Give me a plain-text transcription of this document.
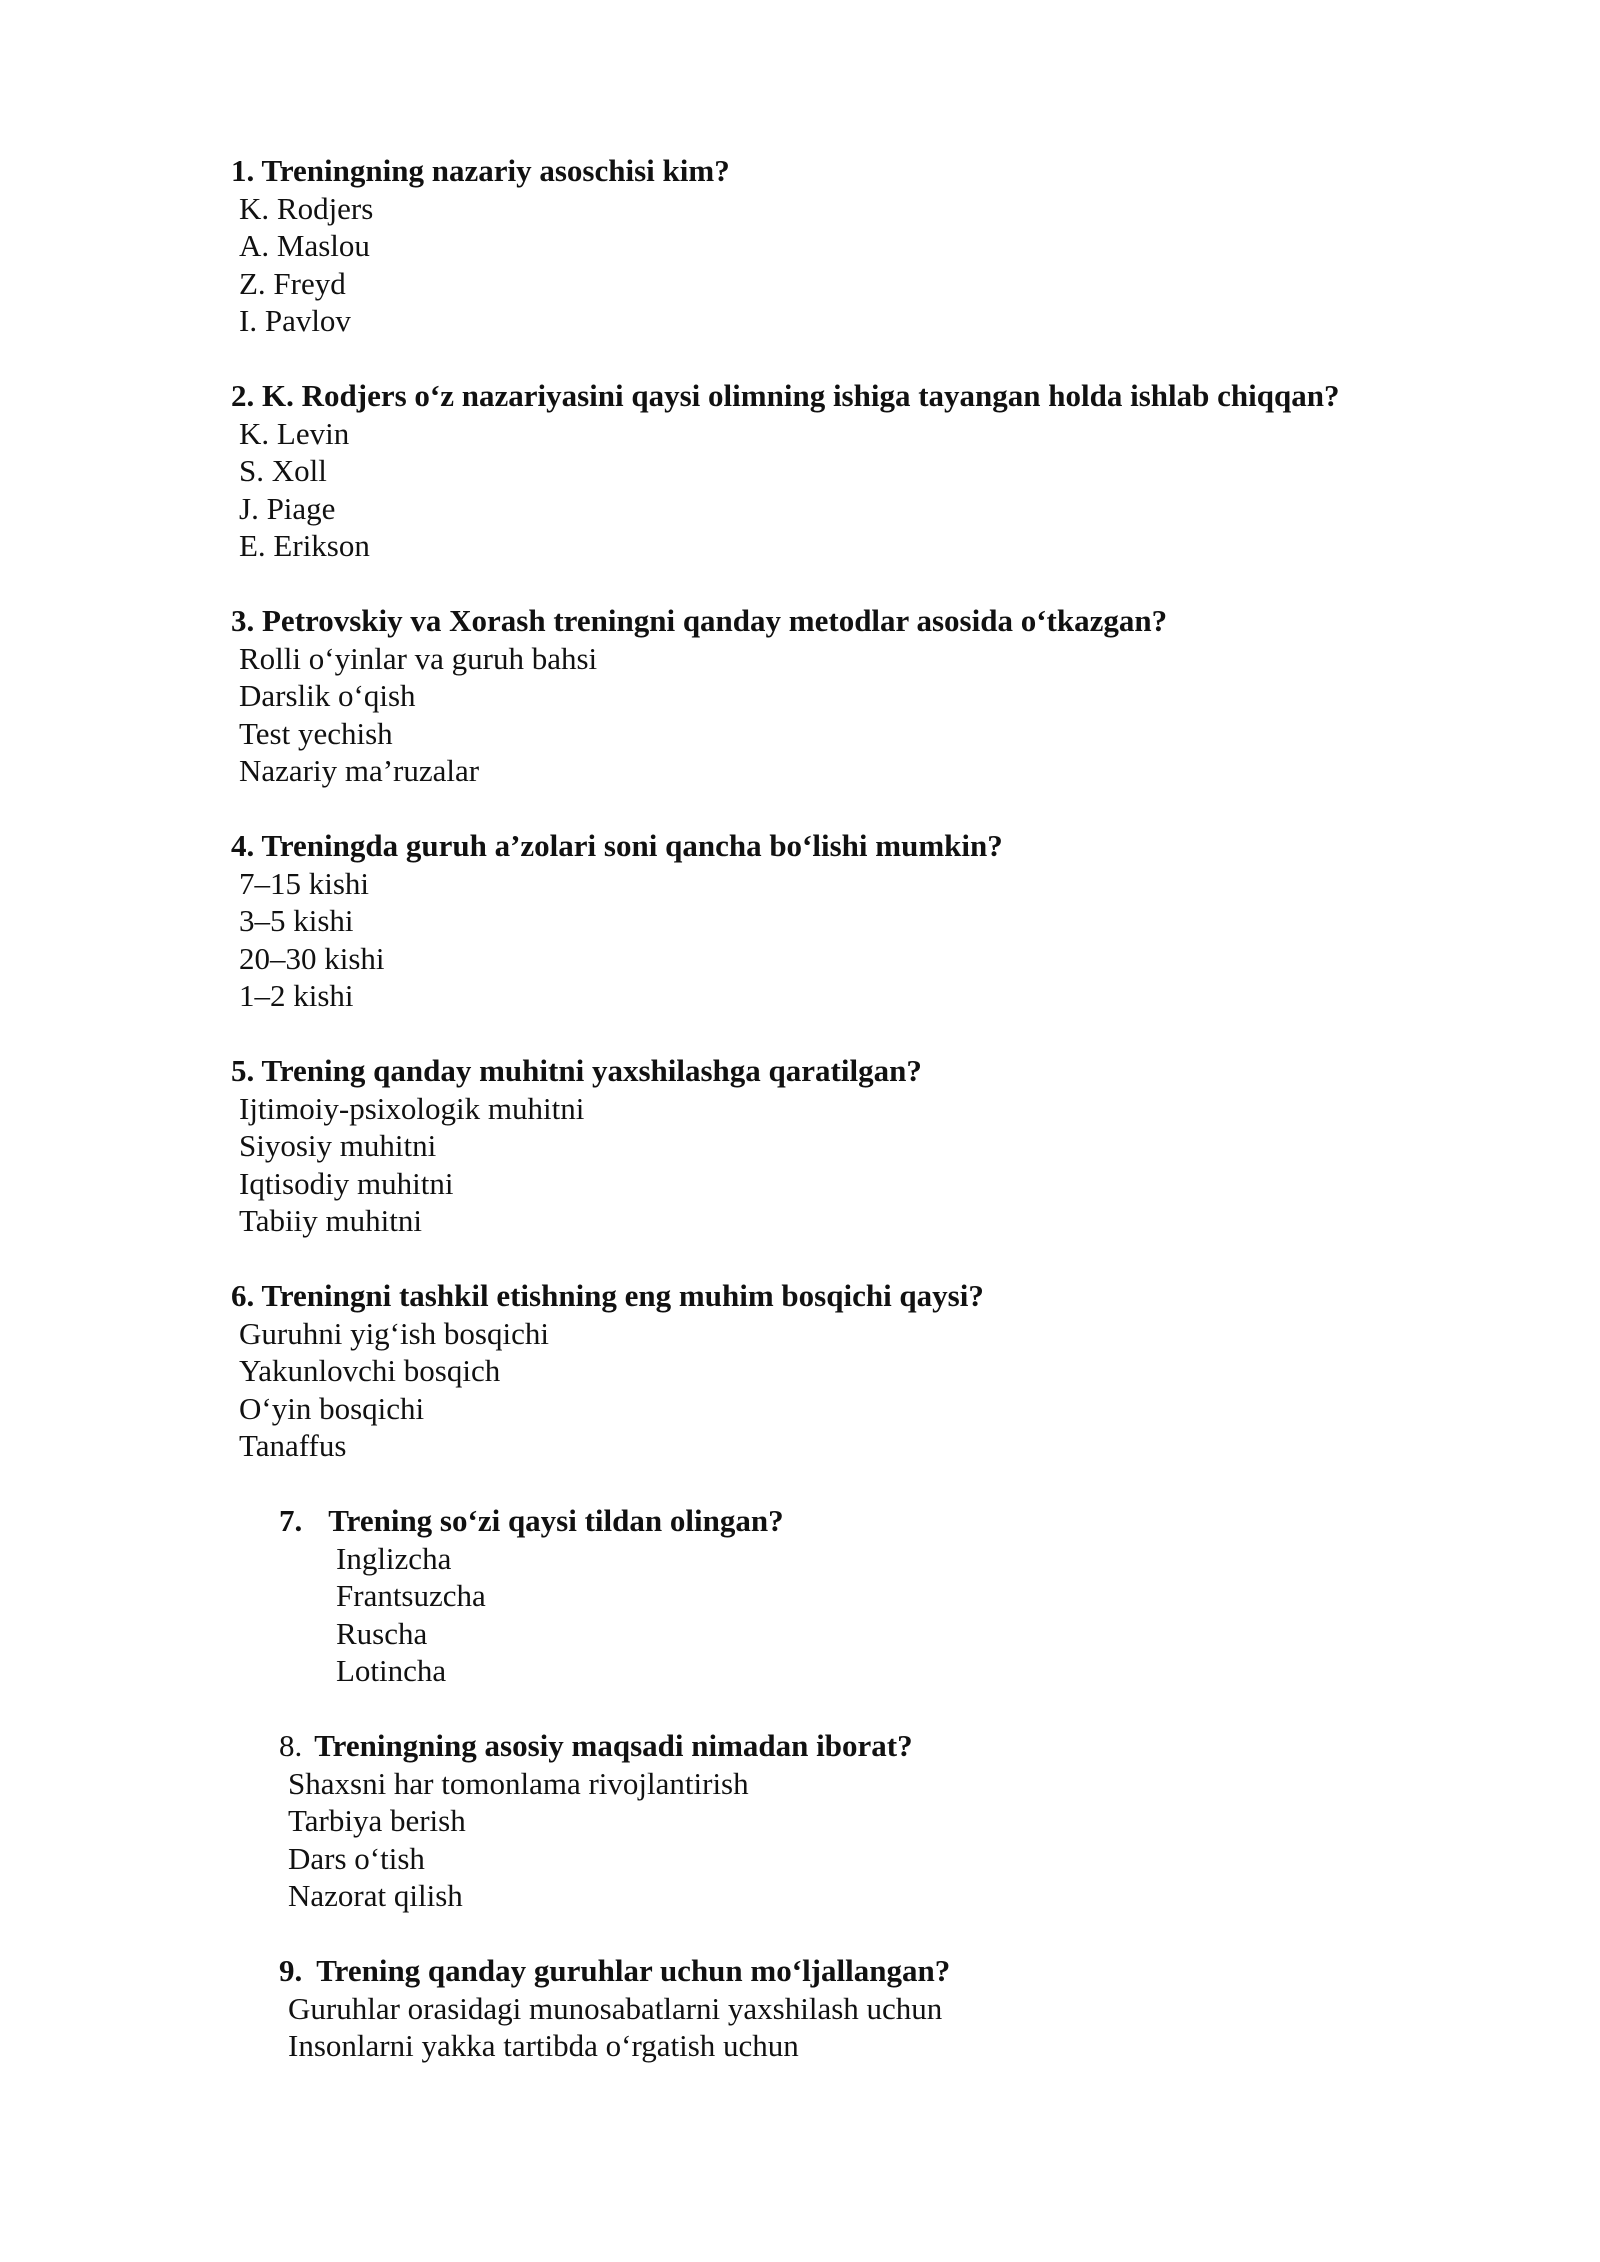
1. Treningning nazariy asoschisi kim?
K. Rodjers
A. Maslou
Z. Freyd
I. Pavlov
2. K. Rodjers o‘z nazariyasini qaysi olimning ishiga tayangan holda ishlab chiqqan?
K. Levin
S. Xoll
J. Piage
E. Erikson
3. Petrovskiy va Xorash treningni qanday metodlar asosida o‘tkazgan?
Rolli o‘yinlar va guruh bahsi
Darslik o‘qish
Test yechish
Nazariy ma’ruzalar
4. Treningda guruh a’zolari soni qancha bo‘lishi mumkin?
7–15 kishi
3–5 kishi
20–30 kishi
1–2 kishi
5. Trening qanday muhitni yaxshilashga qaratilgan?
Ijtimoiy-psixologik muhitni
Siyosiy muhitni
Iqtisodiy muhitni
Tabiiy muhitni
6. Treningni tashkil etishning eng muhim bosqichi qaysi?
Guruhni yig‘ish bosqichi
Yakunlovchi bosqich
O‘yin bosqichi
Tanaffus
7. Trening so‘zi qaysi tildan olingan?
Inglizcha
Frantsuzcha
Ruscha
Lotincha
8. Treningning asosiy maqsadi nimadan iborat?
Shaxsni har tomonlama rivojlantirish
Tarbiya berish
Dars o‘tish
Nazorat qilish
9. Trening qanday guruhlar uchun mo‘ljallangan?
Guruhlar orasidagi munosabatlarni yaxshilash uchun
Insonlarni yakka tartibda o‘rgatish uchun
